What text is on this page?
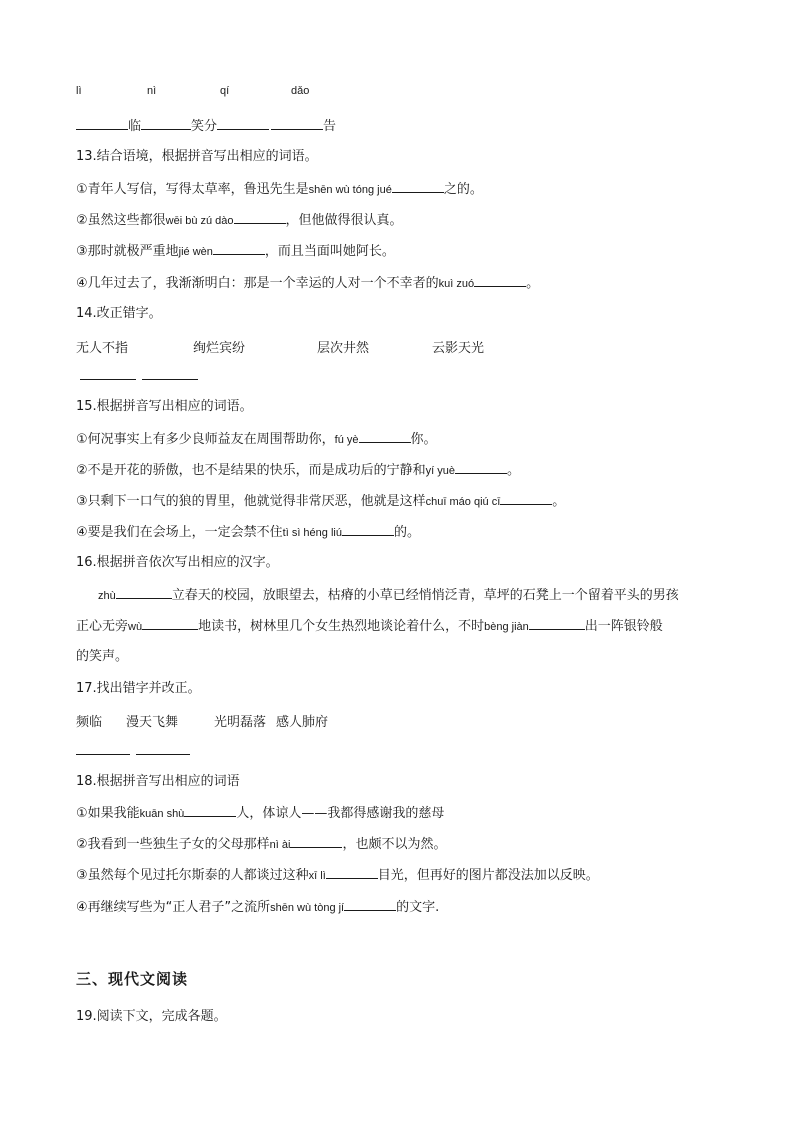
lì	nì	qí	dǎo
临	笑分	告
13.结合语境，根据拼音写出相应的词语。
①青年人写信，写得太草率，鲁迅先生是shēn wù tóng jué	之的。
②虽然这些都很wēi bù zú dào	，但他做得很认真。
③那时就极严重地jié wèn	，而且当面叫她阿长。
④几年过去了，我渐渐明白：那是一个幸运的人对一个不幸者的kuì zuó	。
14.改正错字。
无人不指	绚烂宾纷	层次井然	云影天光

15.根据拼音写出相应的词语。
①何况事实上有多少良师益友在周围帮助你，fú yè	你。
②不是开花的骄傲，也不是结果的快乐，而是成功后的宁静和yí yuè	。
③只剩下一口气的狼的胃里，他就觉得非常厌恶，他就是这样chuī máo qiú cī	。
④要是我们在会场上，一定会禁不住tì sì héng liú	的。
16.根据拼音依次写出相应的汉字。
zhù	立春天的校园，放眼望去，枯瘠的小草已经悄悄泛青，草坪的石凳上一个留着平头的男孩
正心无旁wù	地读书，树林里几个女生热烈地谈论着什么，不时bèng jiàn	出一阵银铃般
的笑声。
17.找出错字并改正。
频临 漫天飞舞	光明磊落 感人肺府

18.根据拼音写出相应的词语
①如果我能kuān shù	人，体谅人——我都得感谢我的慈母
②我看到一些独生子女的父母那样nì ài	，也颇不以为然。
③虽然每个见过托尔斯泰的人都谈过这种xī lì	目光，但再好的图片都没法加以反映。
④再继续写些为“正人君子”之流所shēn wù tòng jí	的文字.
三、现代文阅读
19.阅读下文，完成各题。
